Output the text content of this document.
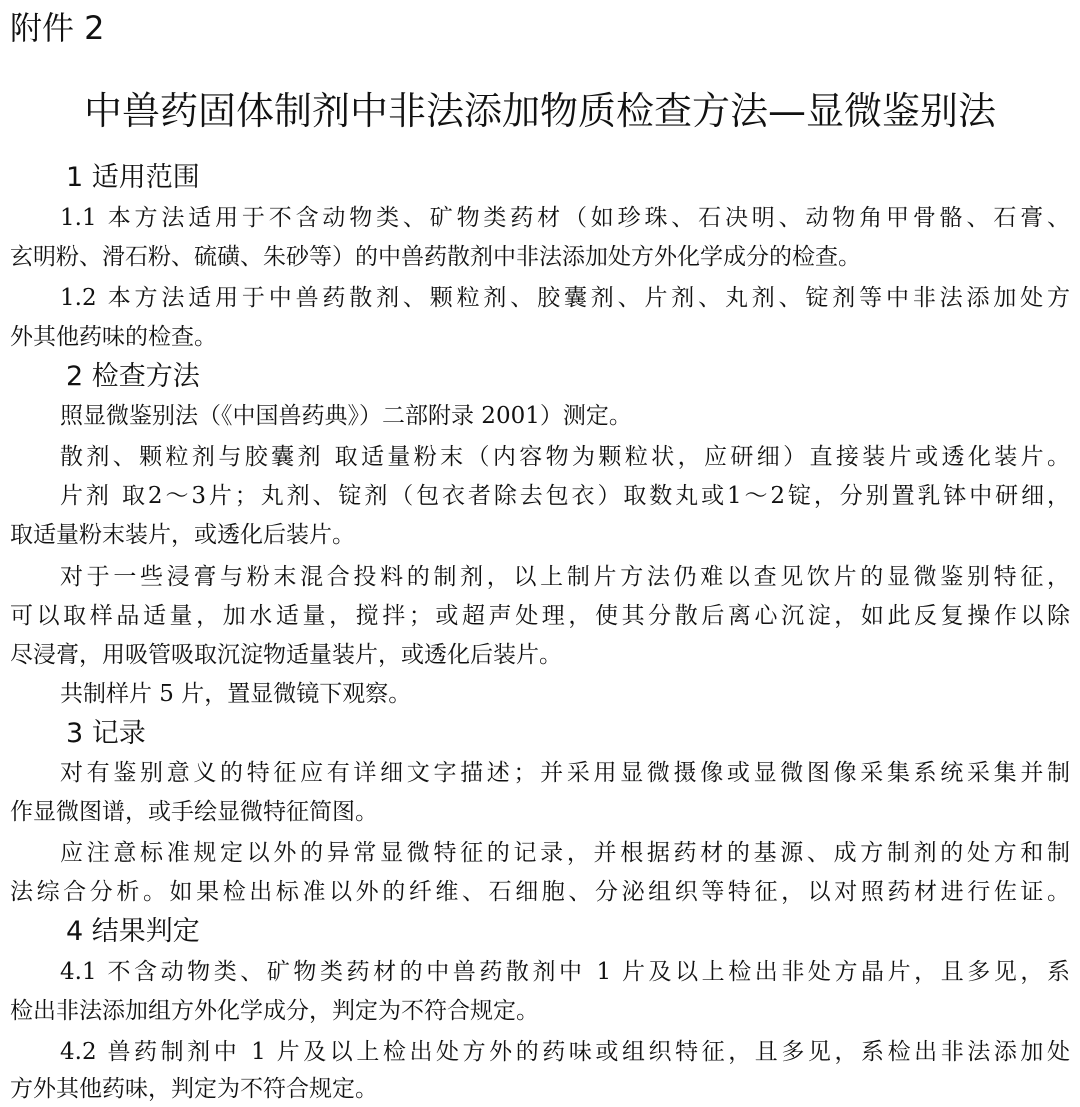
附件 2
中兽药固体制剂中非法添加物质检查方法—显微鉴别法
1 适用范围
1.1 本方法适用于不含动物类、矿物类药材（如珍珠、石决明、动物角甲骨骼、石膏、
玄明粉、滑石粉、硫磺、朱砂等）的中兽药散剂中非法添加处方外化学成分的检查。
1.2 本方法适用于中兽药散剂、颗粒剂、胶囊剂、片剂、丸剂、锭剂等中非法添加处方
外其他药味的检查。
2 检查方法
照显微鉴别法（《中国兽药典》）二部附录 2001）测定。
散剂、颗粒剂与胶囊剂 取适量粉末（内容物为颗粒状，应研细）直接装片或透化装片。
片剂 取2～3片；丸剂、锭剂（包衣者除去包衣）取数丸或1～2锭，分别置乳钵中研细，
取适量粉末装片，或透化后装片。
对于一些浸膏与粉末混合投料的制剂，以上制片方法仍难以查见饮片的显微鉴别特征，
可以取样品适量，加水适量，搅拌；或超声处理，使其分散后离心沉淀，如此反复操作以除
尽浸膏，用吸管吸取沉淀物适量装片，或透化后装片。
共制样片 5 片，置显微镜下观察。
3 记录
对有鉴别意义的特征应有详细文字描述；并采用显微摄像或显微图像采集系统采集并制
作显微图谱，或手绘显微特征简图。
应注意标准规定以外的异常显微特征的记录，并根据药材的基源、成方制剂的处方和制
法综合分析。如果检出标准以外的纤维、石细胞、分泌组织等特征，以对照药材进行佐证。
4 结果判定
4.1 不含动物类、矿物类药材的中兽药散剂中 1 片及以上检出非处方晶片，且多见，系
检出非法添加组方外化学成分，判定为不符合规定。
4.2 兽药制剂中 1 片及以上检出处方外的药味或组织特征，且多见，系检出非法添加处
方外其他药味，判定为不符合规定。
